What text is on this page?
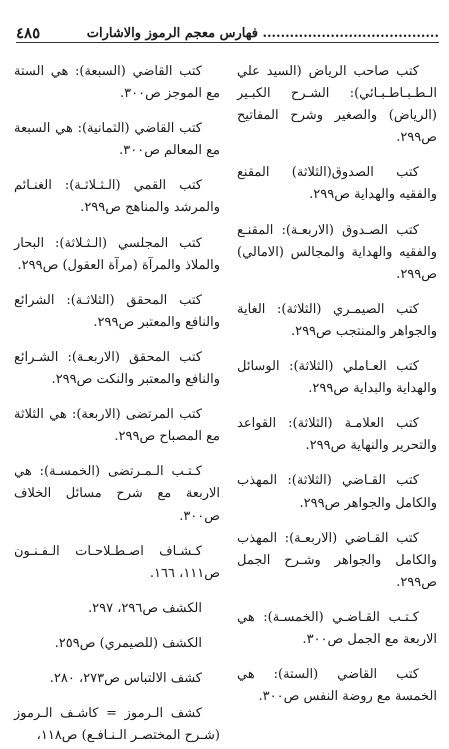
٤٨٥	فهارس معجم الرموز والاشارات .......................................

كتب صاحب الرياض (السيد علي الـطـبـاطـبـائي): الشـرح الكبـير (الرياض) والصغير وشرح المفاتيح ص٢٩٩.

كتب الصدوق(الثلاثة) المقنع والفقيه والهداية ص٢٩٩.

كتب الصـدوق (الاربعـة): المقنـع والفقيه والهداية والمجالس (الامالي) ص٢٩٩.

كتب الصيمـري (الثلاثة): الغاية والجواهر والمنتجب ص٢٩٩.

كتب العـاملي (الثلاثة): الوسائل والهداية والبداية ص٢٩٩.

كتب العلامـة (الثلاثة): القواعد والتحرير والنهاية ص٢٩٩.

كتب القـاضي (الثلاثة): المهذب والكامل والجواهر ص٢٩٩.

كتب القـاضي (الاربعـة): المهذب والكامل والجواهر وشـرح الجمل ص٢٩٩.

كـتـب القـاضـي (الخمسـة): هي الاربعة مع الجمل ص٣٠٠.

كتب القاضي (الستة): هي الخمسة مع روضة النفس ص٣٠٠.

كتب القاضي (السبعة): هي الستة مع الموجز ص٣٠٠.

كتب القاضي (الثمانية): هي السبعة مع المعالم ص٣٠٠.

كتب القمي (الـثـلاثـة): الغنـائم والمرشد والمناهج ص٢٩٩.

كتب المجلسي (الـثـلاثة): البحار والملاذ والمرآة (مرآة العقول) ص٢٩٩.

كتب المحقق (الثلاثـة): الشرائع والنافع والمعتبر ص٢٩٩.

كتب المحقق (الاربعـة): الشـرائع والنافع والمعتبر والنكت ص٢٩٩.

كتب المرتضى (الاربعة): هي الثلاثة مع المصباح ص٢٩٩.

كـتـب الـمـرتضى (الخمسـة): هي الاربعة مع شرح مسائل الخلاف ص٣٠٠.

كـشـاف اصـطـلاحـات الـفـنـون ص١١١، ١٦٦.

الكشف ص٢٩٦، ٢٩٧.

الكشف (للصيمري) ص٢٥٩.

كشف الالتباس ص٢٧٣، ٢٨٠.

كشف الـرموز = كاشـف الـرموز (شـرح المختصـر الـنـافـع) ص١١٨،
